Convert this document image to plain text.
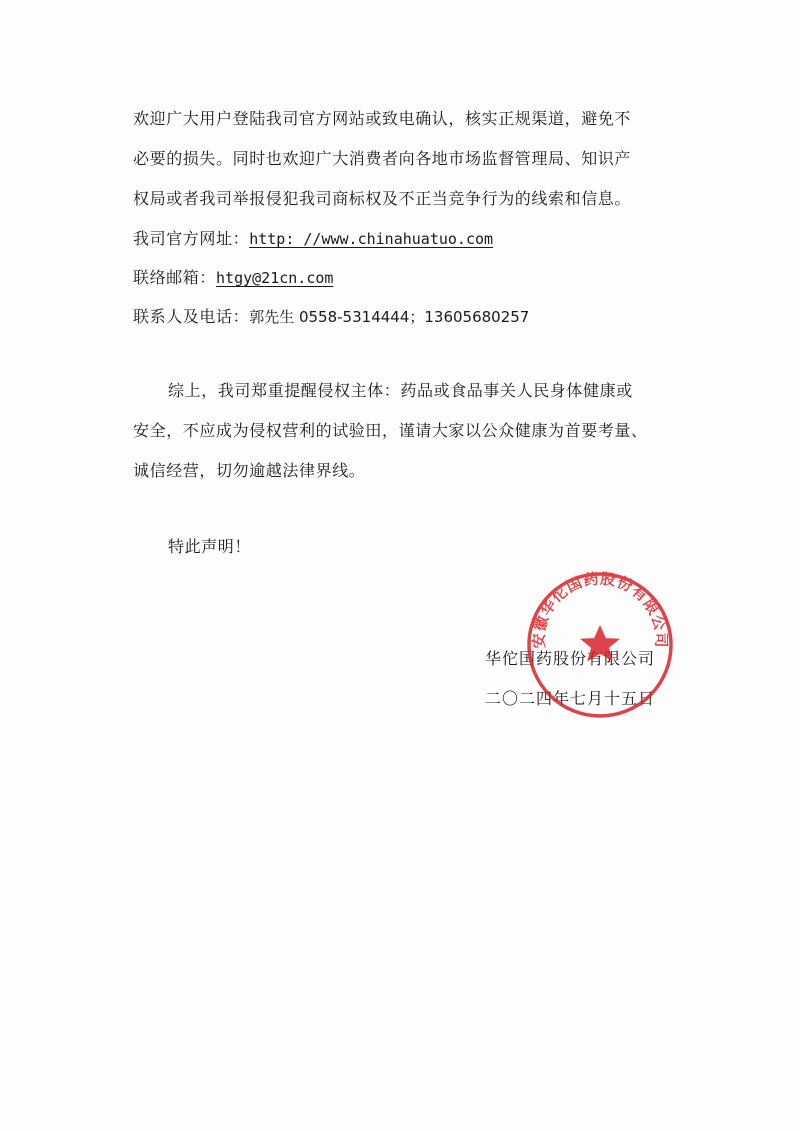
欢迎广大用户登陆我司官方网站或致电确认，核实正规渠道，避免不
必要的损失。同时也欢迎广大消费者向各地市场监督管理局、知识产
权局或者我司举报侵犯我司商标权及不正当竞争行为的线索和信息。
我司官方网址：http: //www.chinahuatuo.com
联络邮箱：htgy@21cn.com
联系人及电话：郭先生 0558-5314444；13605680257
综上，我司郑重提醒侵权主体：药品或食品事关人民身体健康或
安全，不应成为侵权营利的试验田，谨请大家以公众健康为首要考量、
诚信经营，切勿逾越法律界线。
特此声明！
华佗国药股份有限公司
二〇二四年七月十五日
安徽华佗国药股份有限公司
